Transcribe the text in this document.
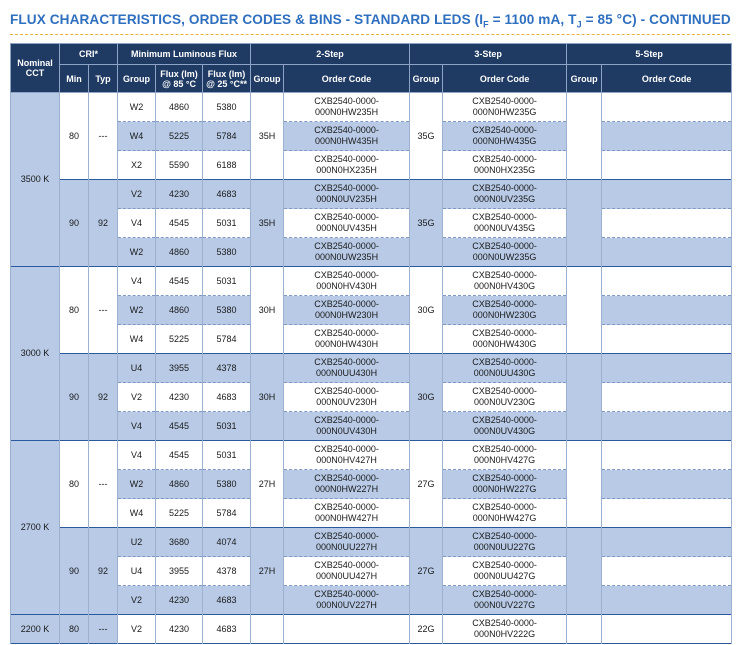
FLUX CHARACTERISTICS, ORDER CODES & BINS - STANDARD LEDS ($I_F = 1100$ mA, $T_J = 85$ °C) - CONTINUED
Nominal CCT	CRI*		Minimum Luminous Flux			2-Step		3-Step		5-Step	
	Min	Typ	Group	Flux (lm) @ 85 °C	Flux (lm) @ 25 °C**	Group	Order Code	Group	Order Code	Group	Order Code
3500 K	80	---	W2	4860	5380	35H	CXB2540-0000-000N0HW235H	35G	CXB2540-0000-000N0HW235G		
			W4	5225	5784		CXB2540-0000-000N0HW435H		CXB2540-0000-000N0HW435G		
			X2	5590	6188		CXB2540-0000-000N0HX235H		CXB2540-0000-000N0HX235G		
	90	92	V2	4230	4683	35H	CXB2540-0000-000N0UV235H	35G	CXB2540-0000-000N0UV235G		
			V4	4545	5031		CXB2540-0000-000N0UV435H		CXB2540-0000-000N0UV435G		
			W2	4860	5380		CXB2540-0000-000N0UW235H		CXB2540-0000-000N0UW235G		
3000 K	80	---	V4	4545	5031	30H	CXB2540-0000-000N0HV430H	30G	CXB2540-0000-000N0HV430G		
			W2	4860	5380		CXB2540-0000-000N0HW230H		CXB2540-0000-000N0HW230G		
			W4	5225	5784		CXB2540-0000-000N0HW430H		CXB2540-0000-000N0HW430G		
	90	92	U4	3955	4378	30H	CXB2540-0000-000N0UU430H	30G	CXB2540-0000-000N0UU430G		
			V2	4230	4683		CXB2540-0000-000N0UV230H		CXB2540-0000-000N0UV230G		
			V4	4545	5031		CXB2540-0000-000N0UV430H		CXB2540-0000-000N0UV430G		
2700 K	80	---	V4	4545	5031	27H	CXB2540-0000-000N0HV427H	27G	CXB2540-0000-000N0HV427G		
			W2	4860	5380		CXB2540-0000-000N0HW227H		CXB2540-0000-000N0HW227G		
			W4	5225	5784		CXB2540-0000-000N0HW427H		CXB2540-0000-000N0HW427G		
	90	92	U2	3680	4074	27H	CXB2540-0000-000N0UU227H	27G	CXB2540-0000-000N0UU227G		
			U4	3955	4378		CXB2540-0000-000N0UU427H		CXB2540-0000-000N0UU427G		
			V2	4230	4683		CXB2540-0000-000N0UV227H		CXB2540-0000-000N0UV227G		
2200 K	80	---	V2	4230	4683			22G	CXB2540-0000-000N0HV222G		
